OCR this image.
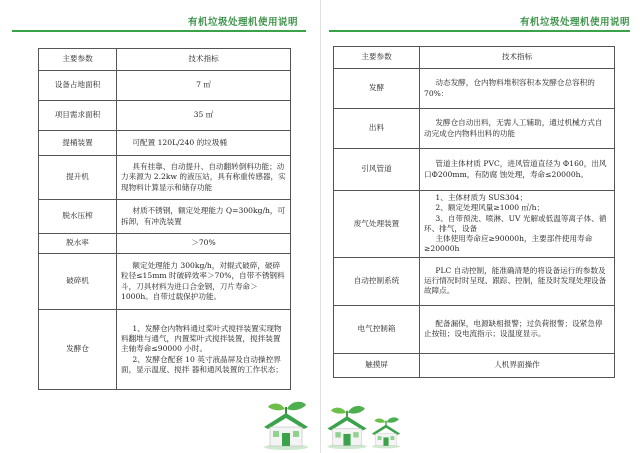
有机垃圾处理机使用说明
主要参数	技术指标
设备占地面积	7 ㎡
项目需求面积	35 ㎡
提桶装置	可配置 120L/240 的垃圾桶
提升机	具有挂靠、自动提升、自动翻转倒料功能；动力来源为 2.2kw 的液压站，具有称重传感器，实现物料计算显示和储存功能
脱水压榨	材质不锈钢，额定处理能力 Q=300kg/h，可拆卸，有冲洗装置
脱水率	＞70%
破碎机	额定处理能力 300kg/h，对辊式破碎，破碎粒径≤15mm 时破碎效率＞70%，自带不锈钢料斗，刀具材料为进口合金钢，刀片寿命＞1000h。自带过载保护功能。
发酵仓	1、发酵仓内物料通过桨叶式搅拌装置实现物料翻堆与通气，内置桨叶式搅拌装置，搅拌装置主轴寿命≤90000 小时。
2、发酵仓配套 10 英寸液晶屏及自动操控界面，显示温度、搅拌 器和通风装置的工作状态；
有机垃圾处理机使用说明
主要参数	技术指标
发酵	动态发酵，仓内物料堆积容积本发酵仓总容积的 70%：
出料	发酵仓自动出料，无需人工辅助，通过机械方式自动完成仓内物料出料的功能
引风管道	管道主体材质 PVC，进风管道直径为 Ф160，出风口Ф200mm，有防腐 蚀处理，寿命≤20000h。
废气处理装置	1、主体材质为 SUS304；
2、额定处理风量≥1000 ㎥/h；
3、自带预洗、喷淋、UV 光解或低温等离子体、循环、排气，设备
主体使用寿命应≥90000h，主要部件使用寿命≥20000h

自动控制系统	PLC 自动控制，能准确清楚的将设备运行的参数及运行情况时时呈现、跟踪、控制，能及时发现处理设备故障点。
电气控制箱	配备漏保，电源缺相报警；过负荷报警；设紧急停止按钮；设电流指示；设温度显示。
触摸屏	人机界面操作
